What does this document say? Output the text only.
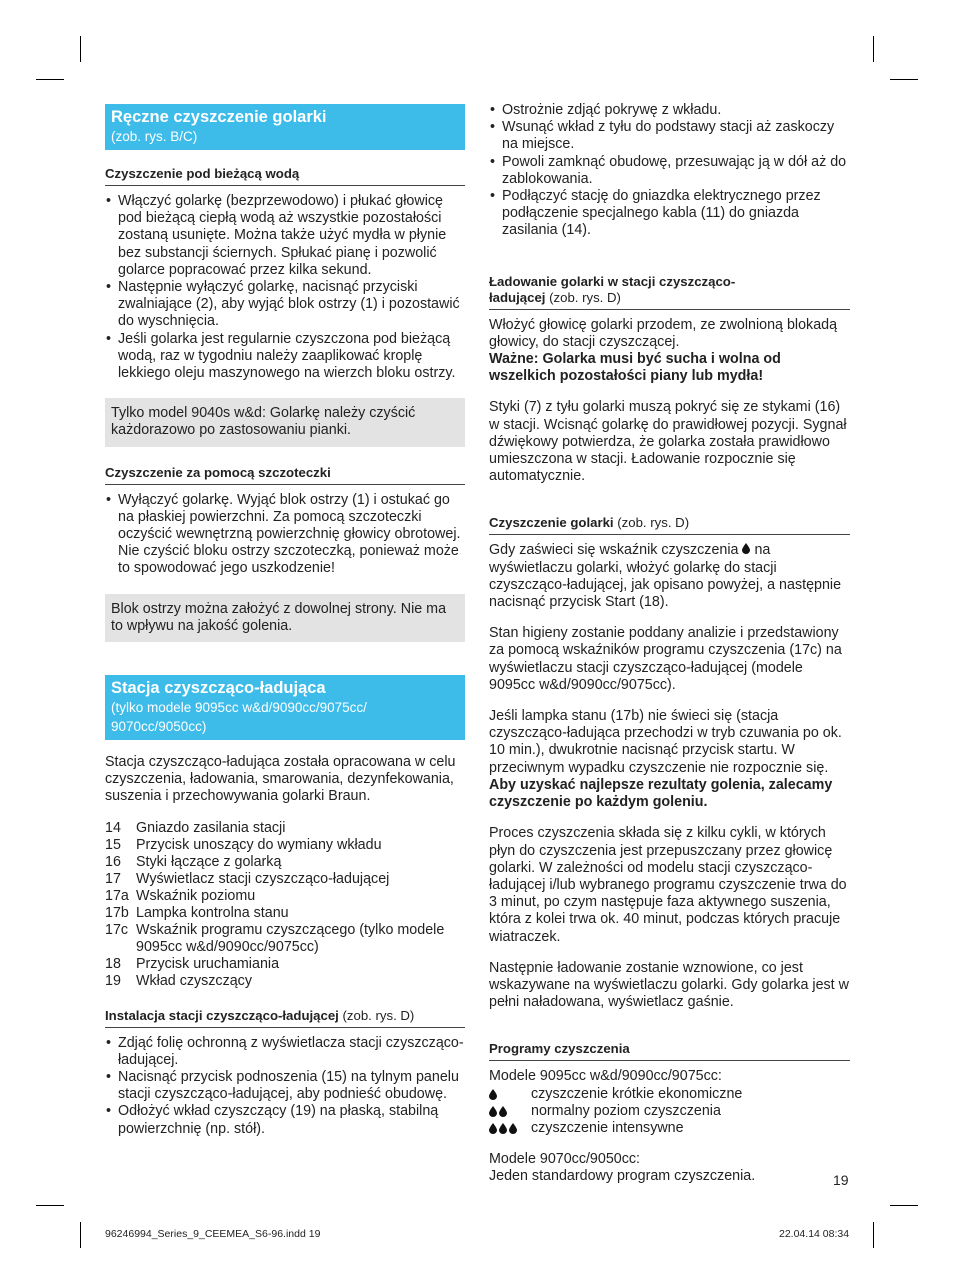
Ręczne czyszczenie golarki
(zob. rys. B/C)
Czyszczenie pod bieżącą wodą
• Włączyć golarkę (bezprzewodowo) i płukać głowicę pod bieżącą ciepłą wodą aż wszystkie pozostałości zostaną usunięte. Można także użyć mydła w płynie bez substancji ściernych. Spłukać pianę i pozwolić golarce popracować przez kilka sekund.
• Następnie wyłączyć golarkę, nacisnąć przyciski zwalniające (2), aby wyjąć blok ostrzy (1) i pozostawić do wyschnięcia.
• Jeśli golarka jest regularnie czyszczona pod bieżącą wodą, raz w tygodniu należy zaaplikować kroplę lekkiego oleju maszynowego na wierzch bloku ostrzy.
Tylko model 9040s w&d: Golarkę należy czyścić każdorazowo po zastosowaniu pianki.
Czyszczenie za pomocą szczoteczki
• Wyłączyć golarkę. Wyjąć blok ostrzy (1) i ostukać go na płaskiej powierzchni. Za pomocą szczoteczki oczyścić wewnętrzną powierzchnię głowicy obrotowej. Nie czyścić bloku ostrzy szczoteczką, ponieważ może to spowodować jego uszkodzenie!
Blok ostrzy można założyć z dowolnej strony. Nie ma to wpływu na jakość golenia.
Stacja czyszcząco-ładująca
(tylko modele 9095cc w&d/9090cc/9075cc/
9070cc/9050cc)

Stacja czyszcząco-ładująca została opracowana w celu czyszczenia, ładowania, smarowania, dezynfekowania, suszenia i przechowywania golarki Braun.

14	Gniazdo zasilania stacji
15	Przycisk unoszący do wymiany wkładu
16	Styki łączące z golarką
17	Wyświetlacz stacji czyszcząco-ładującej
17a	Wskaźnik poziomu
17b	Lampka kontrolna stanu
17c	Wskaźnik programu czyszczącego (tylko modele 9095cc w&d/9090cc/9075cc)
18	Przycisk uruchamiania
19	Wkład czyszczący
Instalacja stacji czyszcząco-ładującej (zob. rys. D)
• Zdjąć folię ochronną z wyświetlacza stacji czyszcząco-ładującej.
• Nacisnąć przycisk podnoszenia (15) na tylnym panelu stacji czyszcząco-ładującej, aby podnieść obudowę.
• Odłożyć wkład czyszczący (19) na płaską, stabilną powierzchnię (np. stół).
• Ostrożnie zdjąć pokrywę z wkładu.
• Wsunąć wkład z tyłu do podstawy stacji aż zaskoczy na miejsce.
• Powoli zamknąć obudowę, przesuwając ją w dół aż do zablokowania.
• Podłączyć stację do gniazdka elektrycznego przez podłączenie specjalnego kabla (11) do gniazda zasilania (14).
Ładowanie golarki w stacji czyszcząco-
ładującej (zob. rys. D)

Włożyć głowicę golarki przodem, ze zwolnioną blokadą głowicy, do stacji czyszczącej.

Ważne: Golarka musi być sucha i wolna od wszelkich pozostałości piany lub mydła!

Styki (7) z tyłu golarki muszą pokryć się ze stykami (16) w stacji. Wcisnąć golarkę do prawidłowej pozycji. Sygnał dźwiękowy potwierdza, że golarka została prawidłowo umieszczona w stacji. Ładowanie rozpocznie się automatycznie.

Czyszczenie golarki (zob. rys. D)

Gdy zaświeci się wskaźnik czyszczenia na wyświetlaczu golarki, włożyć golarkę do stacji czyszcząco-ładującej, jak opisano powyżej, a następnie nacisnąć przycisk Start (18).

Stan higieny zostanie poddany analizie i przedstawiony za pomocą wskaźników programu czyszczenia (17c) na wyświetlaczu stacji czyszcząco-ładującej (modele 9095cc w&d/9090cc/9075cc).

Jeśli lampka stanu (17b) nie świeci się (stacja czyszcząco-ładująca przechodzi w tryb czuwania po ok. 10 min.), dwukrotnie nacisnąć przycisk startu. W przeciwnym wypadku czyszczenie nie rozpocznie się.

Aby uzyskać najlepsze rezultaty golenia, zalecamy czyszczenie po każdym goleniu.

Proces czyszczenia składa się z kilku cykli, w których płyn do czyszczenia jest przepuszczany przez głowicę golarki. W zależności od modelu stacji czyszcząco-ładującej i/lub wybranego programu czyszczenie trwa do 3 minut, po czym następuje faza aktywnego suszenia, która z kolei trwa ok. 40 minut, podczas których pracuje wiatraczek.

Następnie ładowanie zostanie wznowione, co jest wskazywane na wyświetlaczu golarki. Gdy golarka jest w pełni naładowana, wyświetlacz gaśnie.

Programy czyszczenia

Modele 9095cc w&d/9090cc/9075cc:

czyszczenie krótkie ekonomiczne
normalny poziom czyszczenia
czyszczenie intensywne

Modele 9070cc/9050cc:

Jeden standardowy program czyszczenia.	19
96246994_Series_9_CEEMEA_S6-96.indd 19	22.04.14 08:34
